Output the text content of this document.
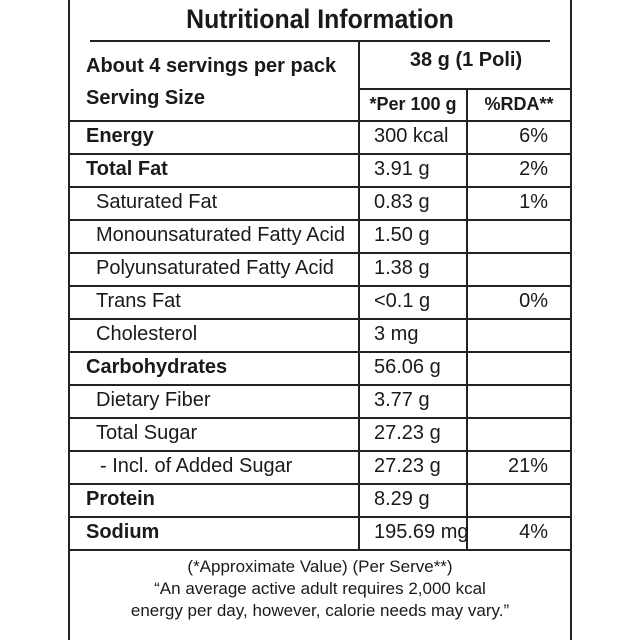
Nutritional Information
About 4 servings per pack
Serving Size
38 g (1 Poli)
*Per 100 g	%RDA**
Energy	300 kcal	6%
Total Fat	3.91 g	2%
Saturated Fat	0.83 g	1%
Monounsaturated Fatty Acid 1.50 g
Polyunsaturated Fatty Acid 1.38 g
Trans Fat	<0.1 g	0%
Cholesterol	3 mg
Carbohydrates	56.06 g
Dietary Fiber	3.77 g
Total Sugar	27.23 g
- Incl. of Added Sugar	27.23 g	21%
Protein	8.29 g
Sodium	195.69 mg	4%
(*Approximate Value) (Per Serve**)
“An average active adult requires 2,000 kcal
energy per day, however, calorie needs may vary.”
